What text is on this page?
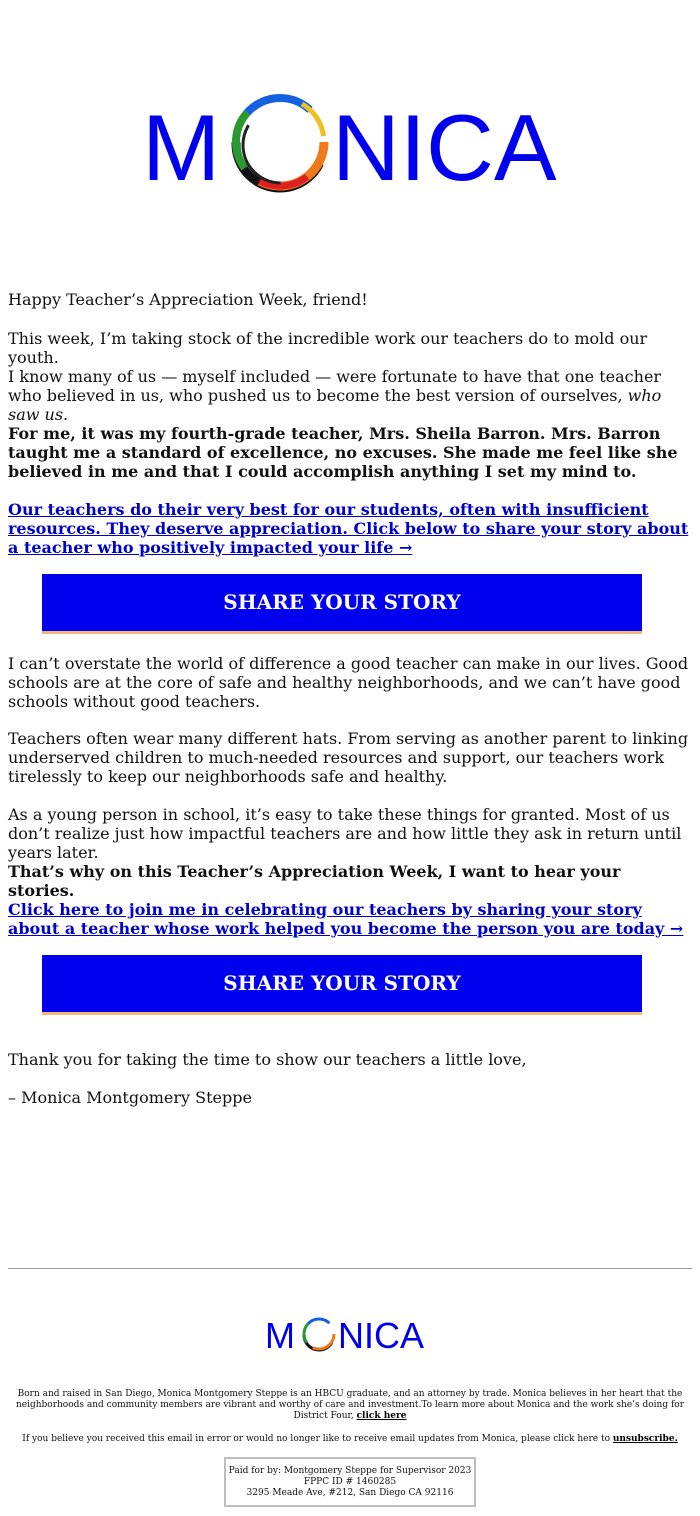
M NICA

Happy Teacher’s Appreciation Week, friend!

This week, I’m taking stock of the incredible work our teachers do to mold our youth.

I know many of us — myself included — were fortunate to have that one teacher who believed in us, who pushed us to become the best version of ourselves, who saw us.

For me, it was my fourth-grade teacher, Mrs. Sheila Barron. Mrs. Barron taught me a standard of excellence, no excuses. She made me feel like she believed in me and that I could accomplish anything I set my mind to.

Our teachers do their very best for our students, often with insufficient resources. They deserve appreciation. Click below to share your story about a teacher who positively impacted your life →

SHARE YOUR STORY

I can’t overstate the world of difference a good teacher can make in our lives. Good schools are at the core of safe and healthy neighborhoods, and we can’t have good schools without good teachers.

Teachers often wear many different hats. From serving as another parent to linking underserved children to much-needed resources and support, our teachers work tirelessly to keep our neighborhoods safe and healthy.

As a young person in school, it’s easy to take these things for granted. Most of us don’t realize just how impactful teachers are and how little they ask in return until years later.

That’s why on this Teacher’s Appreciation Week, I want to hear your stories.

Click here to join me in celebrating our teachers by sharing your story about a teacher whose work helped you become the person you are today →

SHARE YOUR STORY

Thank you for taking the time to show our teachers a little love,

– Monica Montgomery Steppe

M NICA
Born and raised in San Diego, Monica Montgomery Steppe is an HBCU graduate, and an attorney by trade. Monica believes in her heart that the neighborhoods and community members are vibrant and worthy of care and investment.To learn more about Monica and the work she’s doing for District Four, click here
If you believe you received this email in error or would no longer like to receive email updates from Monica, please click here to unsubscribe.
Paid for by: Montgomery Steppe for Supervisor 2023
FPPC ID # 1460285
3295 Meade Ave, #212, San Diego CA 92116
